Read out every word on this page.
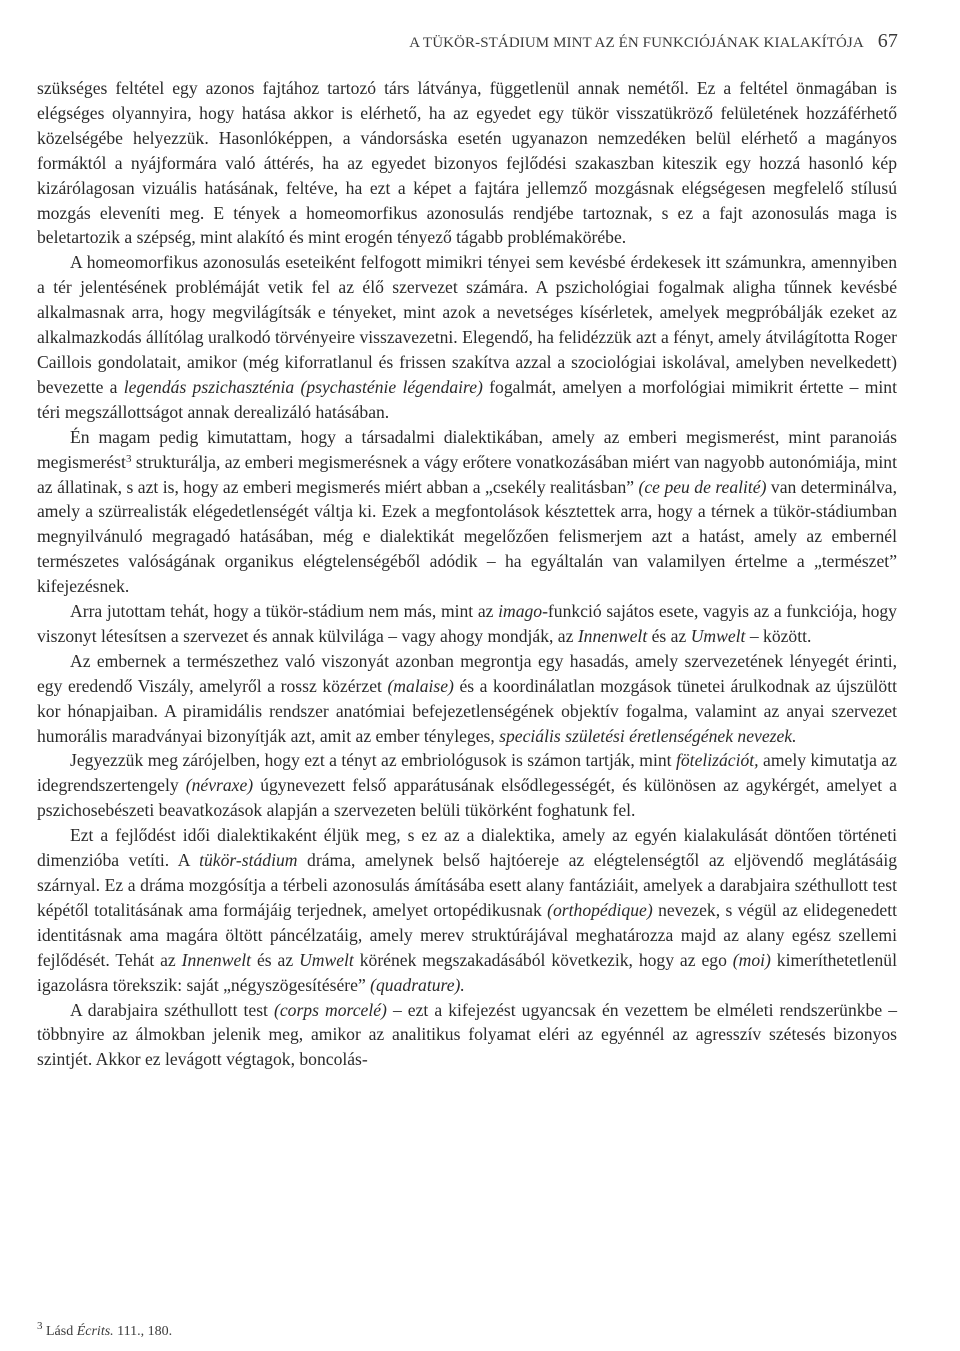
A TÜKÖR-STÁDIUM MINT AZ ÉN FUNKCIÓJÁNAK KIALAKÍTÓJA 67

szükséges feltétel egy azonos fajtához tartozó társ látványa, függetlenül annak nemétől. Ez a feltétel önmagában is elégséges olyannyira, hogy hatása akkor is elérhető, ha az egyedet egy tükör visszatükröző felületének hozzáférhető közelségébe helyezzük. Hasonlóképpen, a vándorsáska esetén ugyanazon nemzedéken belül elérhető a magányos formáktól a nyájformára való áttérés, ha az egyedet bizonyos fejlődési szakaszban kiteszik egy hozzá hasonló kép kizárólagosan vizuális hatásának, feltéve, ha ezt a képet a fajtára jellemző mozgásnak elégségesen megfelelő stílusú mozgás eleveníti meg. E tények a homeomorfikus azonosulás rendjébe tartoznak, s ez a fajt azonosulás maga is beletartozik a szépség, mint alakító és mint erogén tényező tágabb problémakörébe.

A homeomorfikus azonosulás eseteiként felfogott mimikri tényei sem kevésbé érdekesek itt számunkra, amennyiben a tér jelentésének problémáját vetik fel az élő szervezet számára. A pszichológiai fogalmak aligha tűnnek kevésbé alkalmasnak arra, hogy megvilágítsák e tényeket, mint azok a nevetséges kísérletek, amelyek megpróbálják ezeket az alkalmazkodás állítólag uralkodó törvényeire visszavezetni. Elegendő, ha felidézzük azt a fényt, amely átvilágította Roger Caillois gondolatait, amikor (még kiforratlanul és frissen szakítva azzal a szociológiai iskolával, amelyben nevelkedett) bevezette a legendás pszichaszténia (psychasténie légendaire) fogalmát, amelyen a morfológiai mimikrit értette – mint téri megszállottságot annak derealizáló hatásában.

Én magam pedig kimutattam, hogy a társadalmi dialektikában, amely az emberi megismerést, mint paranoiás megismerést$^3$ strukturálja, az emberi megismerésnek a vágy erőtere vonatkozásában miért van nagyobb autonómiája, mint az állatinak, s azt is, hogy az emberi megismerés miért abban a „csekély realitásban” (ce peu de realité) van determinálva, amely a szürrealisták elégedetlenségét váltja ki. Ezek a megfontolások késztettek arra, hogy a térnek a tükör-stádiumban megnyilvánuló megragadó hatásában, még e dialektikát megelőzően felismerjem azt a hatást, amely az embernél természetes valóságának organikus elégtelenségéből adódik – ha egyáltalán van valamilyen értelme a „természet” kifejezésnek.

Arra jutottam tehát, hogy a tükör-stádium nem más, mint az imago-funkció sajátos esete, vagyis az a funkciója, hogy viszonyt létesítsen a szervezet és annak külvilága – vagy ahogy mondják, az Innenwelt és az Umwelt – között.

Az embernek a természethez való viszonyát azonban megrontja egy hasadás, amely szervezetének lényegét érinti, egy eredendő Viszály, amelyről a rossz közérzet (malaise) és a koordinálatlan mozgások tünetei árulkodnak az újszülött kor hónapjaiban. A piramidális rendszer anatómiai befejezetlenségének objektív fogalma, valamint az anyai szervezet humorális maradványai bizonyítják azt, amit az ember tényleges, speciális születési éretlenségének nevezek.

Jegyezzük meg zárójelben, hogy ezt a tényt az embriológusok is számon tartják, mint fötelizációt, amely kimutatja az idegrendszertengely (névraxe) úgynevezett felső apparátusának elsődlegességét, és különösen az agykérgét, amelyet a pszichosebészeti beavatkozások alapján a szervezeten belüli tükörként foghatunk fel.

Ezt a fejlődést idői dialektikaként éljük meg, s ez az a dialektika, amely az egyén kialakulását döntően történeti dimenzióba vetíti. A tükör-stádium dráma, amelynek belső hajtóereje az elégtelenségtől az eljövendő meglátásáig szárnyal. Ez a dráma mozgósítja a térbeli azonosulás ámításába esett alany fantáziáit, amelyek a darabjaira széthullott test képétől totalitásának ama formájáig terjednek, amelyet ortopédikusnak (orthopédique) nevezek, s végül az elidegenedett identitásnak ama magára öltött páncélzatáig, amely merev struktúrájával meghatározza majd az alany egész szellemi fejlődését. Tehát az Innenwelt és az Umwelt körének megszakadásából következik, hogy az ego (moi) kimeríthetetlenül igazolásra törekszik: saját „négyszögesítésére” (quadrature).

A darabjaira széthullott test (corps morcelé) – ezt a kifejezést ugyancsak én vezettem be elméleti rendszerünkbe – többnyire az álmokban jelenik meg, amikor az analitikus folyamat eléri az egyénnél az agresszív szétesés bizonyos szintjét. Akkor ez levágott végtagok, boncolás-

$^3$ Lásd Écrits. 111., 180.
